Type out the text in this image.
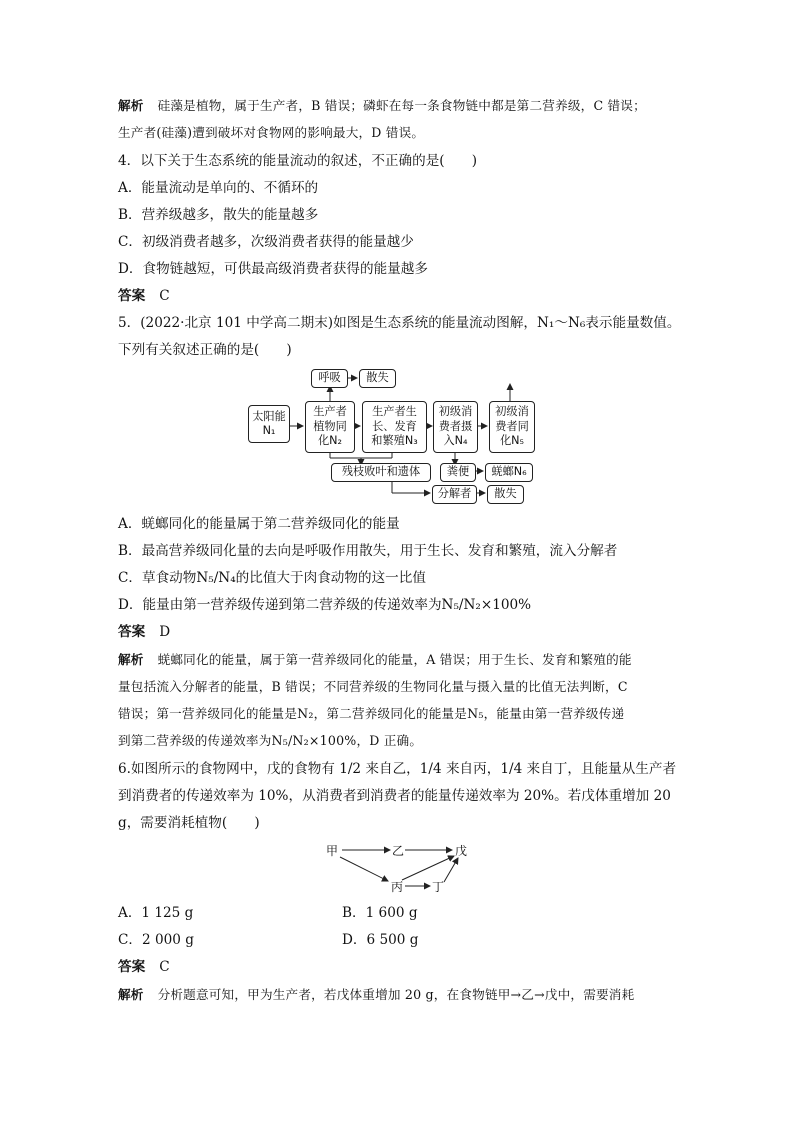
解析 硅藻是植物，属于生产者，B 错误；磷虾在每一条食物链中都是第二营养级，C 错误；
生产者(硅藻)遭到破坏对食物网的影响最大，D 错误。
4．以下关于生态系统的能量流动的叙述，不正确的是(　　)
A．能量流动是单向的、不循环的
B．营养级越多，散失的能量越多
C．初级消费者越多，次级消费者获得的能量越少
D．食物链越短，可供最高级消费者获得的能量越多
答案 C
5．(2022·北京 101 中学高二期末)如图是生态系统的能量流动图解，N₁～N₆表示能量数值。
下列有关叙述正确的是(　　)
太阳能
N₁
生产者
植物同
化N₂
生产者生
长、发育
和繁殖N₃
初级消
费者摄
入N₄
初级消
费者同
化N₅
呼吸	散失
残枝败叶和遗体	粪便	蜣螂N₆
分解者	散失
A．蜣螂同化的能量属于第二营养级同化的能量
B．最高营养级同化量的去向是呼吸作用散失，用于生长、发育和繁殖，流入分解者
C．草食动物N₅/N₄的比值大于肉食动物的这一比值
D．能量由第一营养级传递到第二营养级的传递效率为N₅/N₂×100%
答案 D
解析 蜣螂同化的能量，属于第一营养级同化的能量，A 错误；用于生长、发育和繁殖的能
量包括流入分解者的能量，B 错误；不同营养级的生物同化量与摄入量的比值无法判断，C
错误；第一营养级同化的能量是N₂，第二营养级同化的能量是N₅，能量由第一营养级传递
到第二营养级的传递效率为N₅/N₂×100%，D 正确。
6.如图所示的食物网中，戊的食物有 1/2 来自乙，1/4 来自丙，1/4 来自丁，且能量从生产者
到消费者的传递效率为 10%，从消费者到消费者的能量传递效率为 20%。若戊体重增加 20
g，需要消耗植物(　　)
甲	乙	戊
丙 丁
A．1 125 g	B．1 600 g
C．2 000 g	D．6 500 g
答案 C
解析 分析题意可知，甲为生产者，若戊体重增加 20 g，在食物链甲→乙→戊中，需要消耗
